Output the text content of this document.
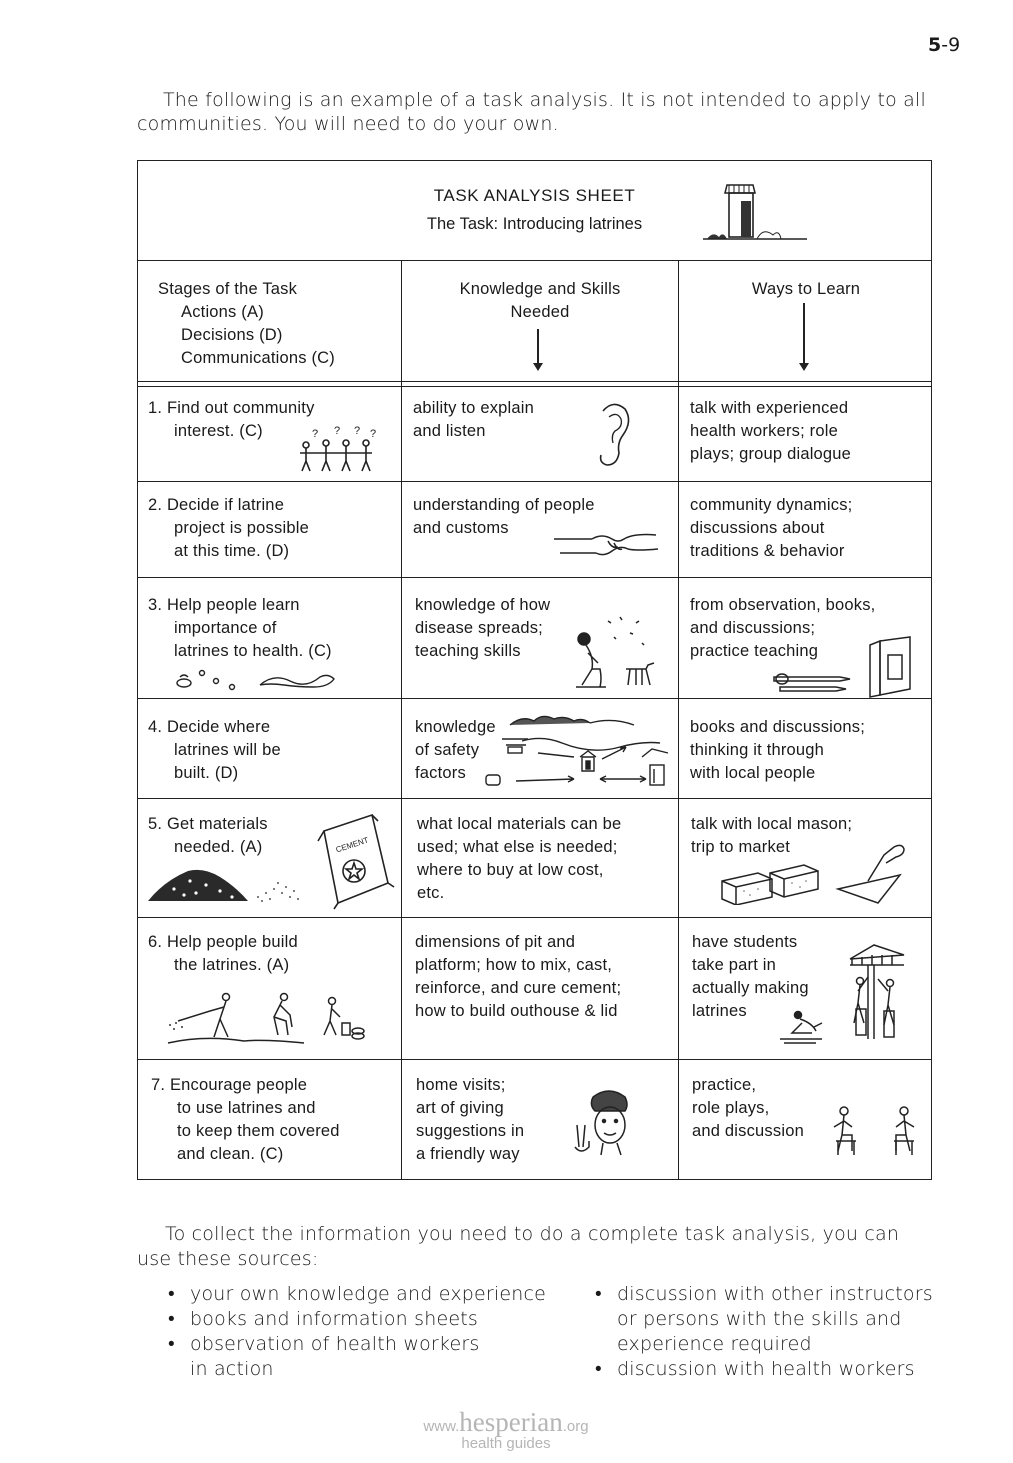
5-9

The following is an example of a task analysis. It is not intended to apply to all communities. You will need to do your own.

TASK ANALYSIS SHEET
The Task: Introducing latrines
Stages of the Task
Actions (A)
Decisions (D)
Communications (C)
Knowledge and Skills
Needed
Ways to Learn
1. Find out community
interest. (C)
ability to explain
and listen
talk with experienced
health workers; role
plays; group dialogue
? ? ? ?
2. Decide if latrine
project is possible
at this time. (D)
understanding of people
and customs
community dynamics;
discussions about
traditions & behavior
3. Help people learn
importance of
latrines to health. (C)
knowledge of how
disease spreads;
teaching skills
from observation, books,
and discussions;
practice teaching
4. Decide where
latrines will be
built. (D)
knowledge
of safety
factors
books and discussions;
thinking it through
with local people
5. Get materials
needed. (A)
what local materials can be
used; what else is needed;
where to buy at low cost,
etc.
talk with local mason;
trip to market
CEMENT
6. Help people build
the latrines. (A)
dimensions of pit and
platform; how to mix, cast,
reinforce, and cure cement;
how to build outhouse & lid
have students
take part in
actually making
latrines
7. Encourage people
to use latrines and
to keep them covered
and clean. (C)
home visits;
art of giving
suggestions in
a friendly way
practice,
role plays,
and discussion

To collect the information you need to do a complete task analysis, you can use these sources:

• your own knowledge and experience
• books and information sheets
• observation of health workers
in action
• discussion with other instructors
or persons with the skills and
experience required
• discussion with health workers
www.hesperian.org
health guides
